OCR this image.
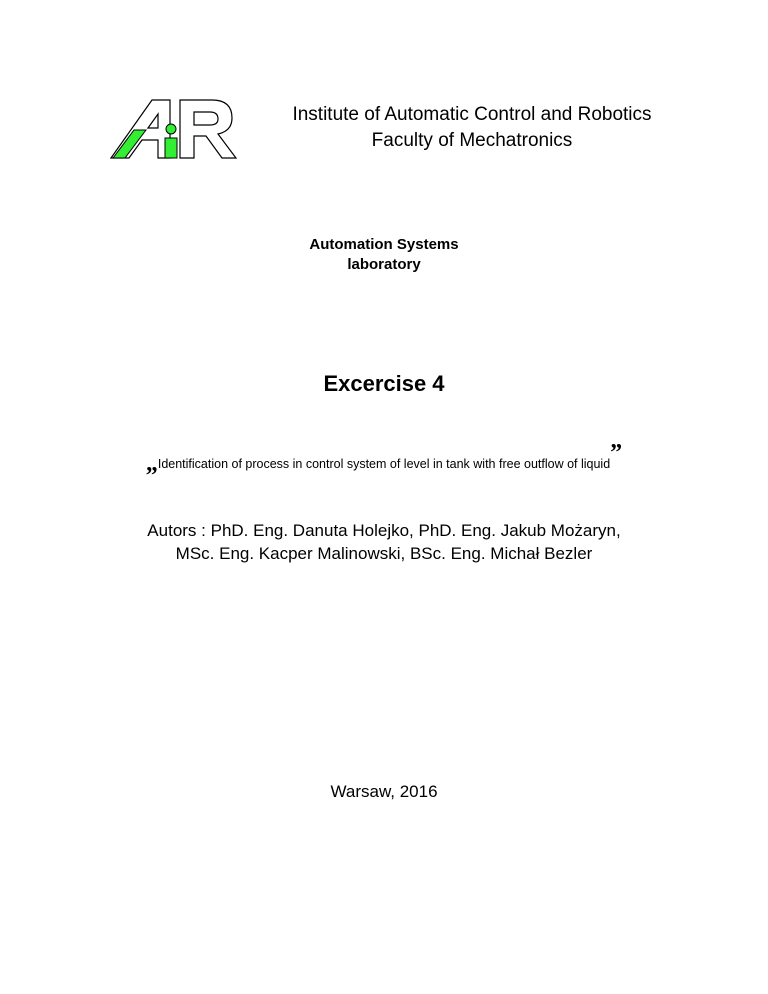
Institute of Automatic Control and Robotics
Faculty of Mechatronics
Automation Systems
laboratory
Excercise 4
„Identification of process in control system of level in tank with free outflow of liquid”
Autors : PhD. Eng. Danuta Holejko, PhD. Eng. Jakub Możaryn,
MSc. Eng. Kacper Malinowski, BSc. Eng. Michał Bezler
Warsaw, 2016
